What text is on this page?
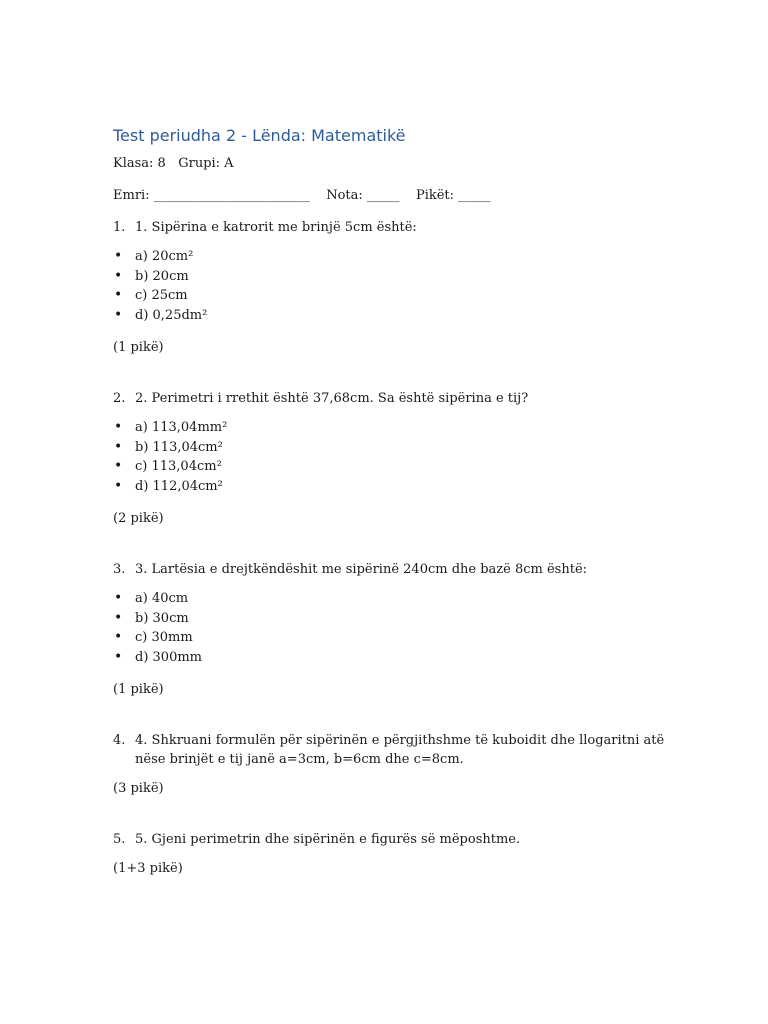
Test periudha 2 - Lënda: Matematikë
Klasa: 8   Grupi: A
Emri: ________________________    Nota: _____    Pikët: _____
1. 1. Sipërina e katrorit me brinjë 5cm është:
• a) 20cm²
• b) 20cm
• c) 25cm
• d) 0,25dm²
(1 pikë)
2. 2. Perimetri i rrethit është 37,68cm. Sa është sipërina e tij?
• a) 113,04mm²
• b) 113,04cm²
• c) 113,04cm²
• d) 112,04cm²
(2 pikë)
3. 3. Lartësia e drejtkëndëshit me sipërinë 240cm dhe bazë 8cm është:
• a) 40cm
• b) 30cm
• c) 30mm
• d) 300mm
(1 pikë)
4. 4. Shkruani formulën për sipërinën e përgjithshme të kuboidit dhe llogaritni atë nëse brinjët e tij janë a=3cm, b=6cm dhe c=8cm.
(3 pikë)
5. 5. Gjeni perimetrin dhe sipërinën e figurës së mëposhtme.
(1+3 pikë)
